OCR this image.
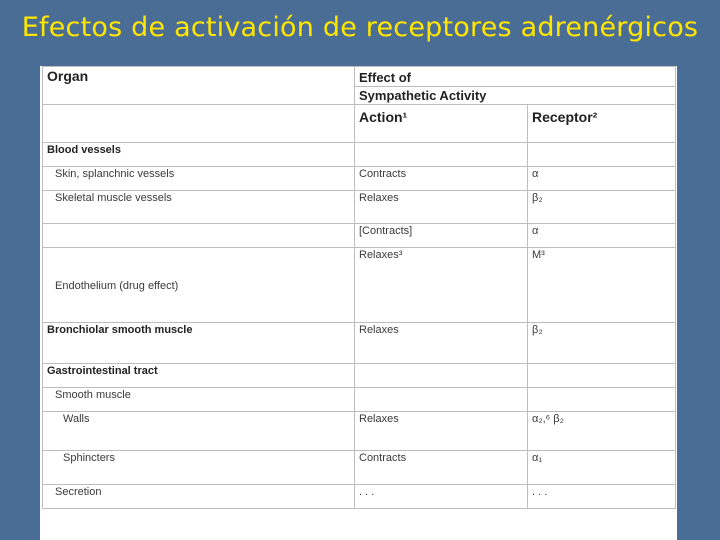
Efectos de activación de receptores adrenérgicos
Organ	Effect of	
	Sympathetic Activity	
	Action¹	Receptor²
Blood vessels		
Skin, splanchnic vessels	Contracts	α
Skeletal muscle vessels	Relaxes	β₂
	[Contracts]	α

Endothelium (drug effect)	Relaxes³	M³
Bronchiolar smooth muscle	Relaxes	β₂
Gastrointestinal tract		
Smooth muscle		
Walls	Relaxes	α₂,⁶ β₂
Sphincters	Contracts	α₁
Secretion	. . .	. . .
